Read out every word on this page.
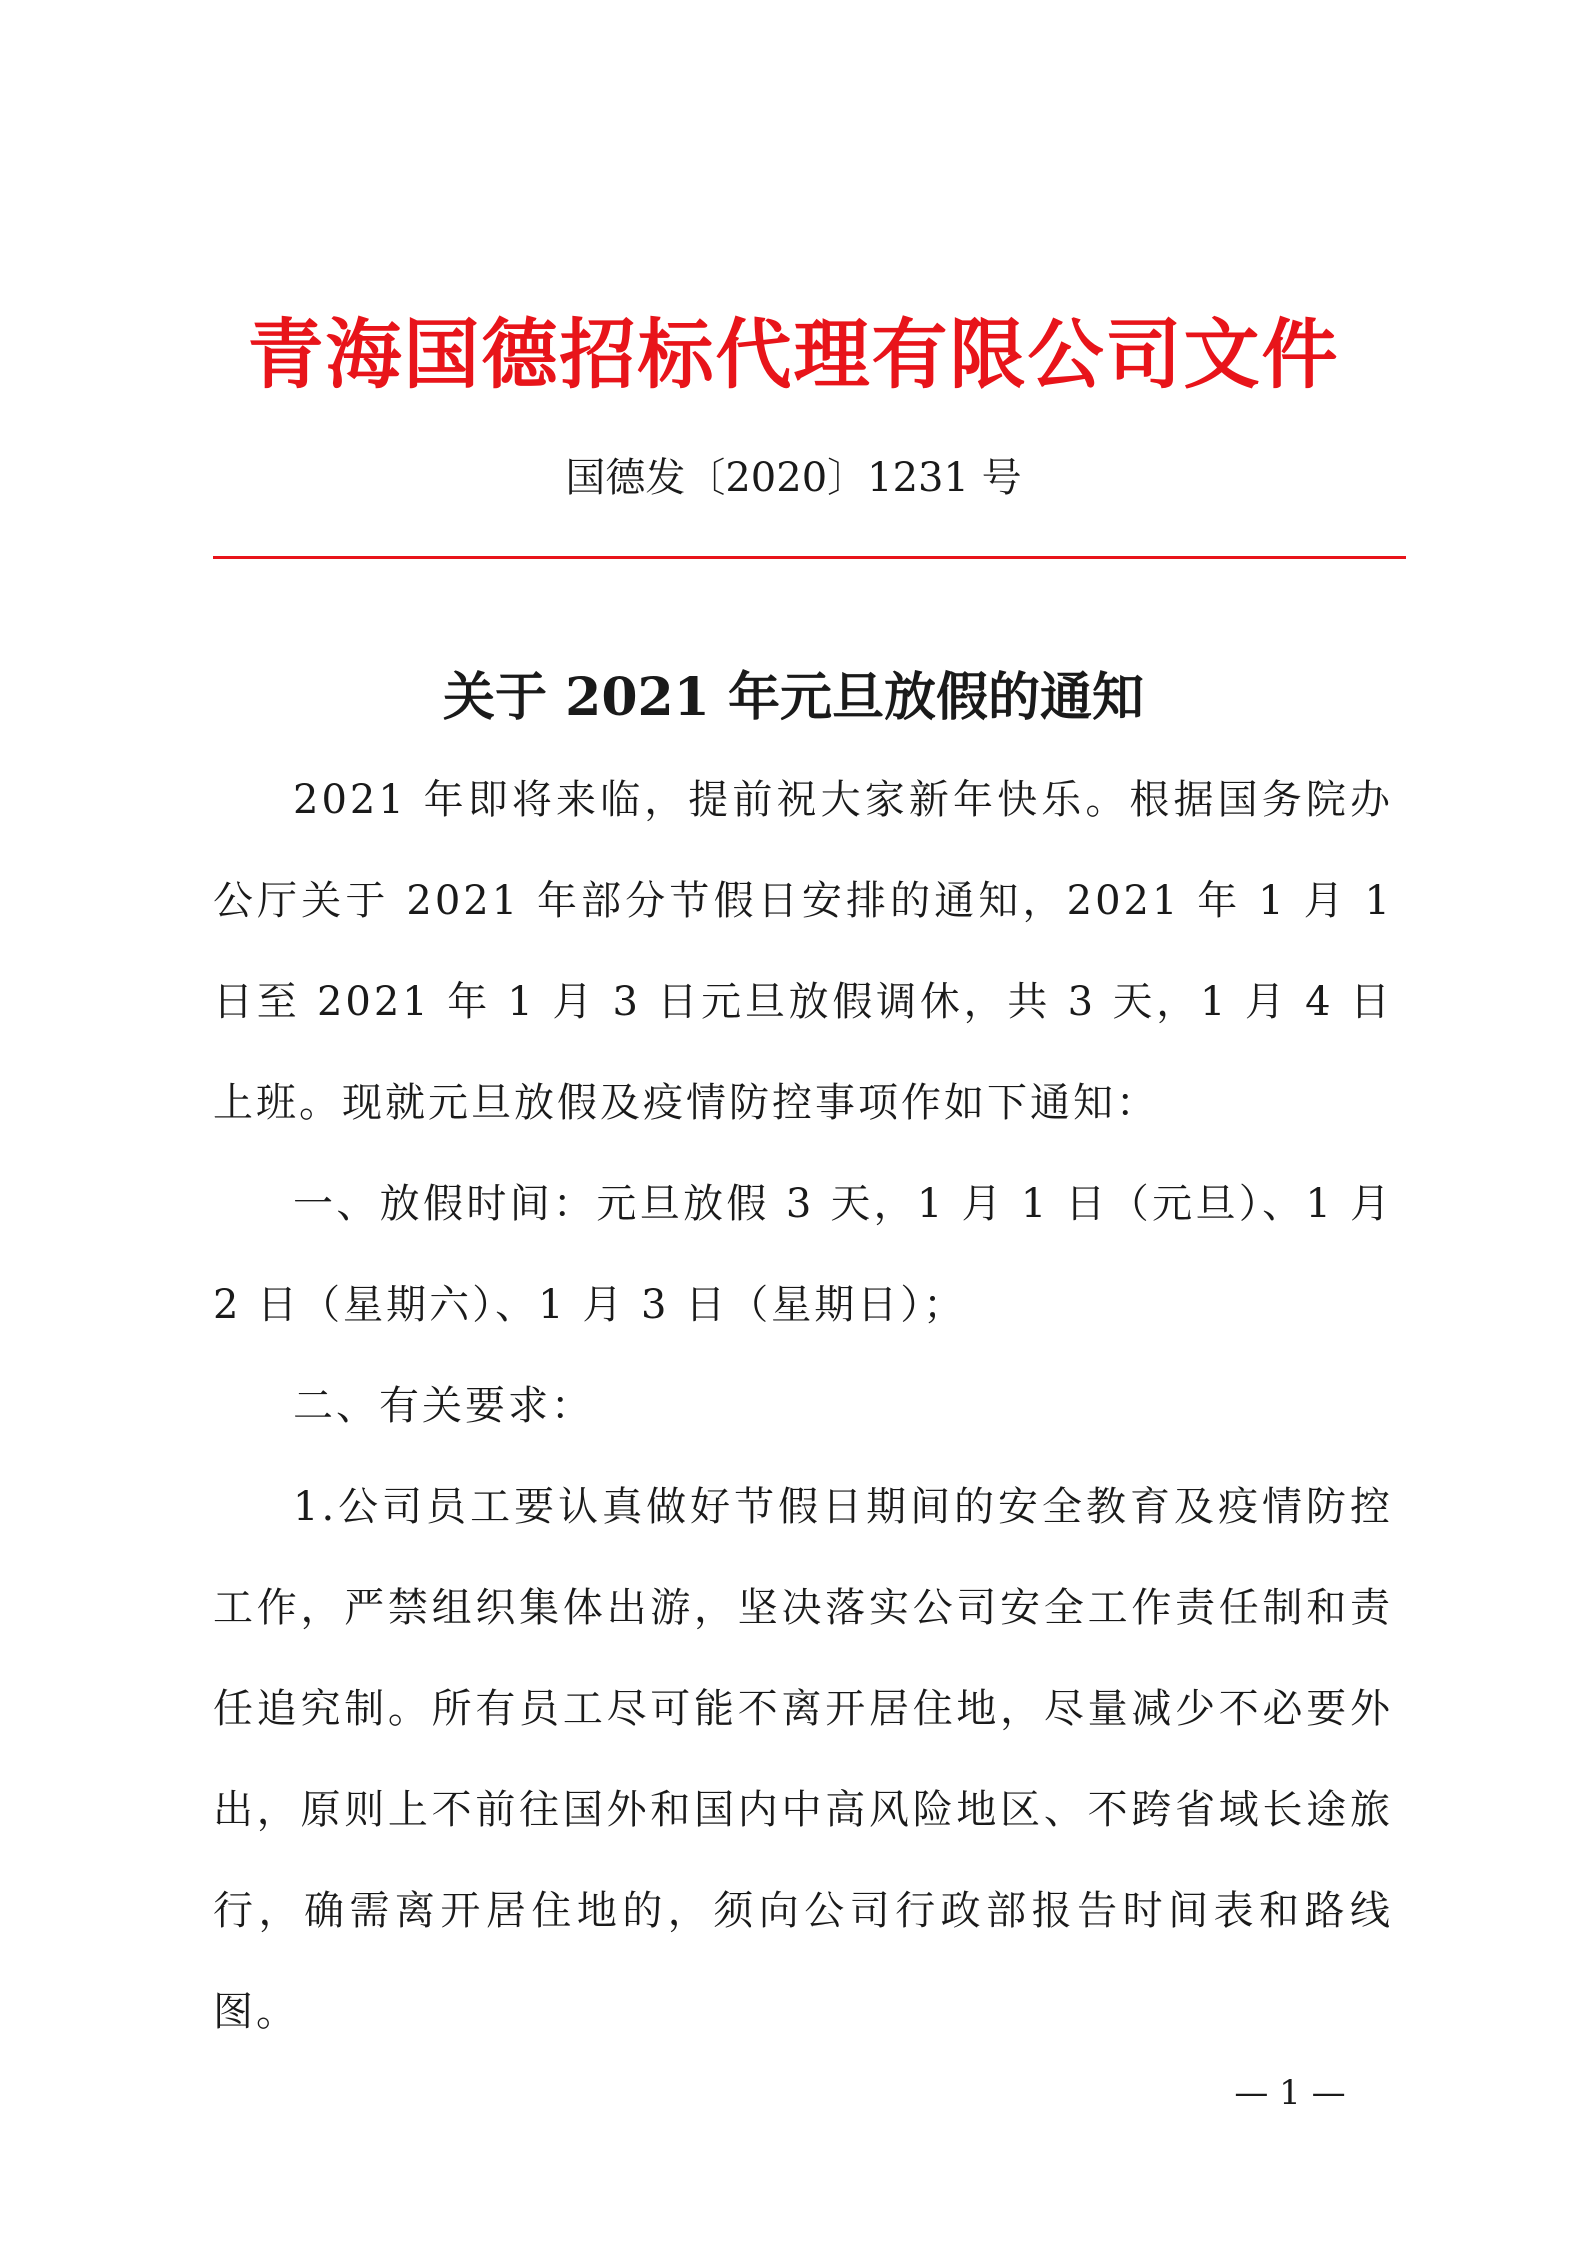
青海国德招标代理有限公司文件
国德发〔2020〕1231 号
关于 2021 年元旦放假的通知

2021 年即将来临，提前祝大家新年快乐。根据国务院办公厅关于 2021 年部分节假日安排的通知，2021 年 1 月 1 日至 2021 年 1 月 3 日元旦放假调休，共 3 天，1 月 4 日上班。现就元旦放假及疫情防控事项作如下通知：

一、放假时间：元旦放假 3 天，1 月 1 日（元旦）、1 月 2 日（星期六）、1 月 3 日（星期日）；

二、有关要求：

1.公司员工要认真做好节假日期间的安全教育及疫情防控工作，严禁组织集体出游，坚决落实公司安全工作责任制和责任追究制。所有员工尽可能不离开居住地，尽量减少不必要外出，原则上不前往国外和国内中高风险地区、不跨省域长途旅行，确需离开居住地的，须向公司行政部报告时间表和路线图。

— 1 —
